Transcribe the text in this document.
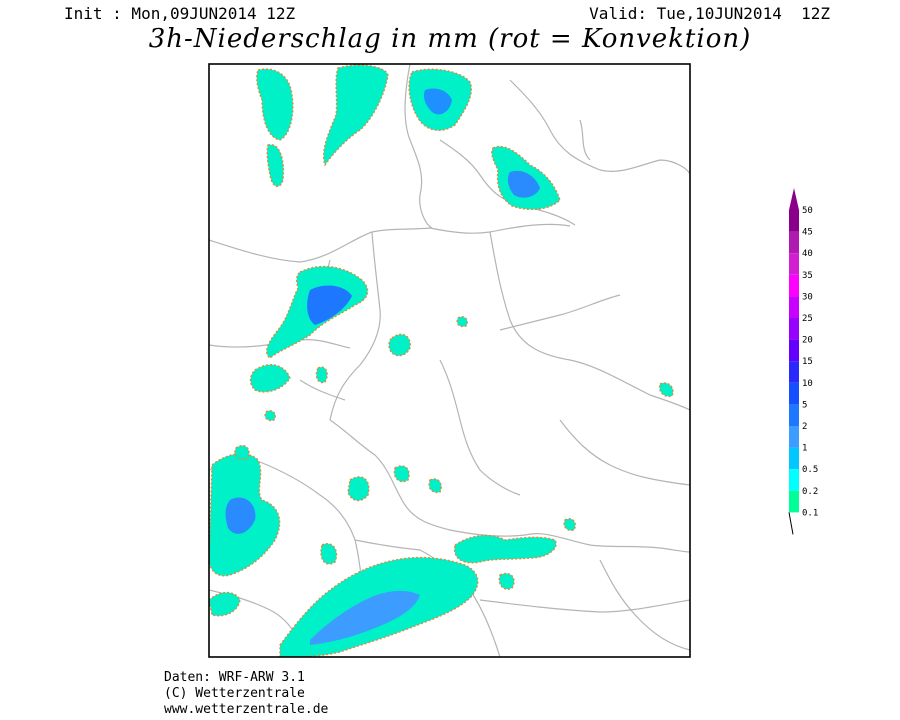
Init : Mon,09JUN2014 12Z	Valid: Tue,10JUN2014  12Z
3h-Niederschlag in mm (rot = Konvektion)
50
45
40
35
30
25
20
15
10
5
2
1
0.5
0.2
0.1
Daten: WRF-ARW 3.1
(C) Wetterzentrale
www.wetterzentrale.de
